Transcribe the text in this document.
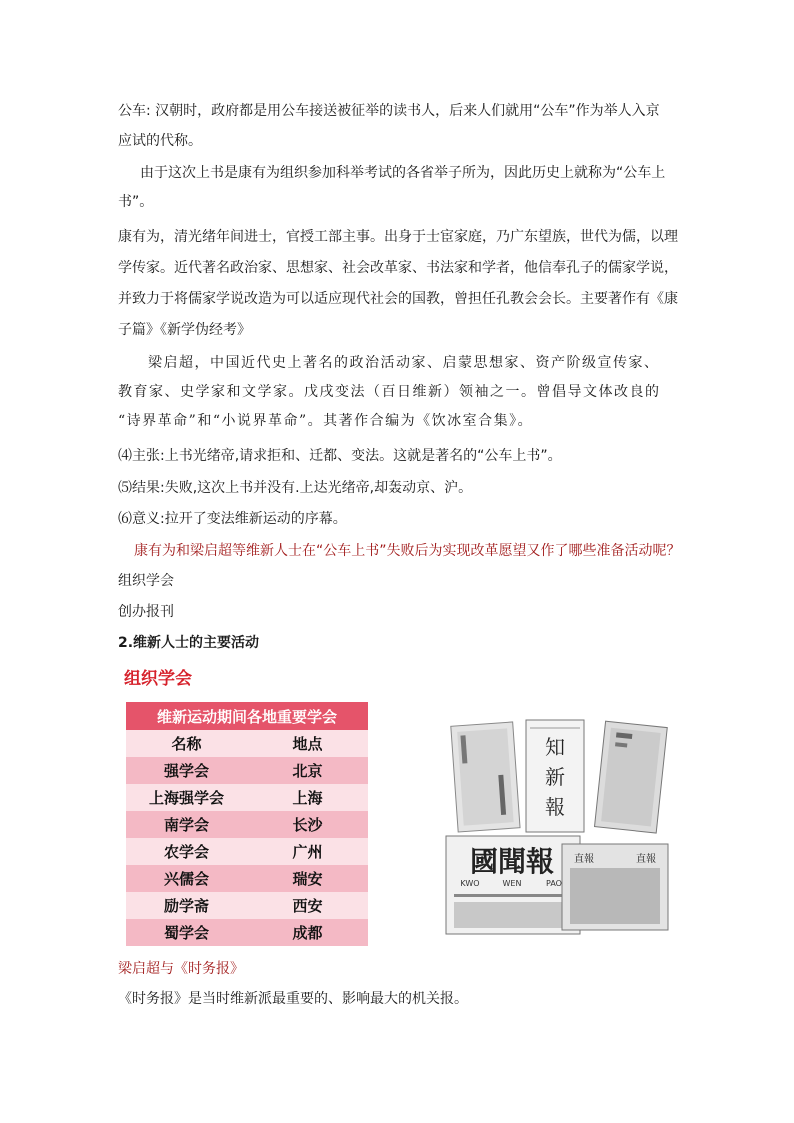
公车: 汉朝时，政府都是用公车接送被征举的读书人，后来人们就用“公车”作为举人入京
应试的代称。
由于这次上书是康有为组织参加科举考试的各省举子所为，因此历史上就称为“公车上
书”。
康有为，清光绪年间进士，官授工部主事。出身于士宦家庭，乃广东望族，世代为儒，以理
学传家。近代著名政治家、思想家、社会改革家、书法家和学者，他信奉孔子的儒家学说，
并致力于将儒家学说改造为可以适应现代社会的国教，曾担任孔教会会长。主要著作有《康
子篇》《新学伪经考》
梁启超，中国近代史上著名的政治活动家、启蒙思想家、资产阶级宣传家、
教育家、史学家和文学家。戊戌变法（百日维新）领袖之一。曾倡导文体改良的
“诗界革命”和“小说界革命”。其著作合编为《饮冰室合集》。
⑷主张:上书光绪帝,请求拒和、迁都、变法。这就是著名的“公车上书”。
⑸结果:失败,这次上书并没有.上达光绪帝,却轰动京、沪。
⑹意义:拉开了变法维新运动的序幕。
康有为和梁启超等维新人士在“公车上书”失败后为实现改革愿望又作了哪些准备活动呢？
组织学会
创办报刊
2.维新人士的主要活动
组织学会
维新运动期间各地重要学会	
名称	地点
强学会	北京
上海强学会	上海
南学会	长沙
农学会	广州
兴儒会	瑞安
励学斋	西安
蜀学会	成都
知
新
報
國聞報
KWO	WEN	PAO
直報	直報
梁启超与《时务报》
《时务报》是当时维新派最重要的、影响最大的机关报。
